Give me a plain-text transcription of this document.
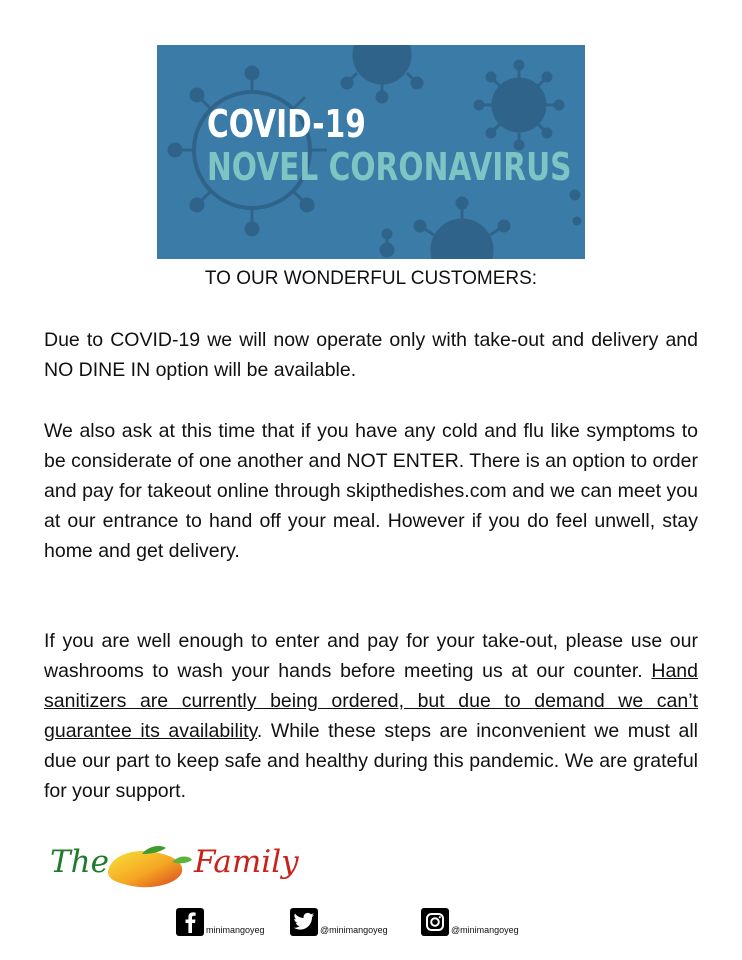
COVID-19
NOVEL CORONAVIRUS
TO OUR WONDERFUL CUSTOMERS:
Due to COVID-19 we will now operate only with take-out and delivery and NO DINE IN option will be available.
We also ask at this time that if you have any cold and flu like symptoms to be considerate of one another and NOT ENTER. There is an option to order and pay for takeout online through skipthedishes.com and we can meet you at our entrance to hand off your meal. However if you do feel unwell, stay home and get delivery.
If you are well enough to enter and pay for your take-out, please use our washrooms to wash your hands before meeting us at our counter. Hand sanitizers are currently being ordered, but due to demand we can’t guarantee its availability. While these steps are inconvenient we must all due our part to keep safe and healthy during this pandemic. We are grateful for your support.
The	Family
minimangoyeg	@minimangoyeg	@minimangoyeg
